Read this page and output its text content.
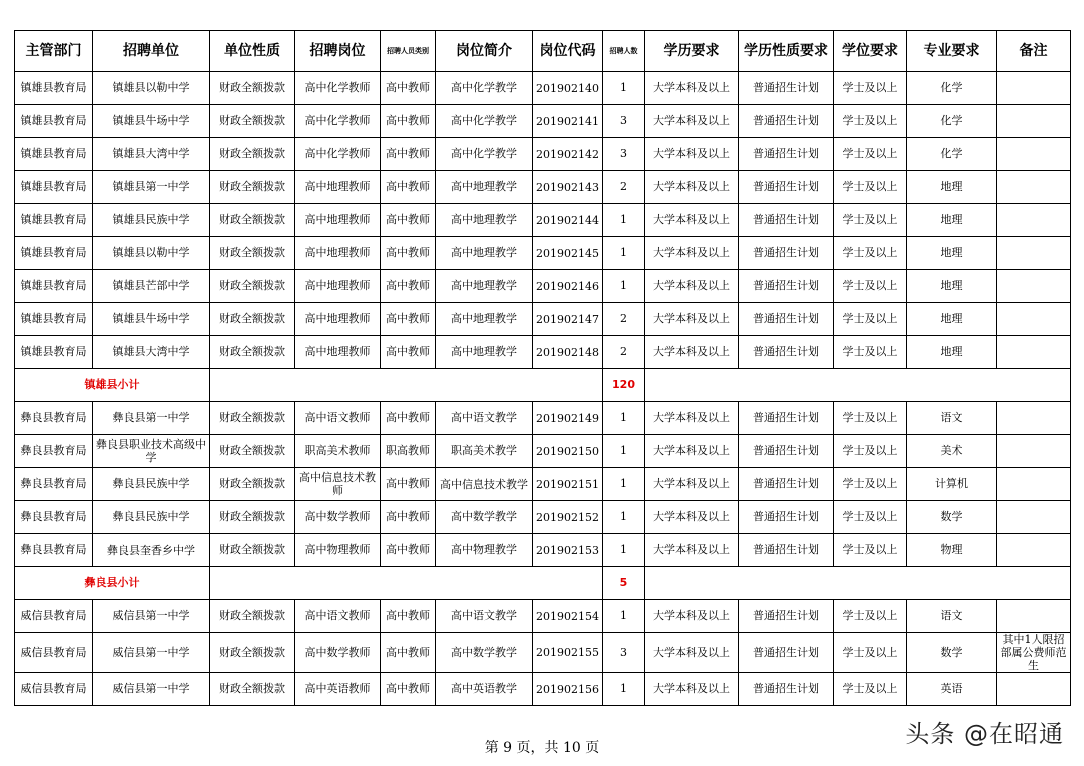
主管部门	招聘单位	单位性质	招聘岗位	招聘人员类别	岗位简介	岗位代码	招聘人数	学历要求	学历性质要求	学位要求	专业要求	备注
镇雄县教育局	镇雄县以勒中学	财政全额拨款	高中化学教师	高中教师	高中化学教学	201902140	1	大学本科及以上	普通招生计划	学士及以上	化学	
镇雄县教育局	镇雄县牛场中学	财政全额拨款	高中化学教师	高中教师	高中化学教学	201902141	3	大学本科及以上	普通招生计划	学士及以上	化学	
镇雄县教育局	镇雄县大湾中学	财政全额拨款	高中化学教师	高中教师	高中化学教学	201902142	3	大学本科及以上	普通招生计划	学士及以上	化学	
镇雄县教育局	镇雄县第一中学	财政全额拨款	高中地理教师	高中教师	高中地理教学	201902143	2	大学本科及以上	普通招生计划	学士及以上	地理	
镇雄县教育局	镇雄县民族中学	财政全额拨款	高中地理教师	高中教师	高中地理教学	201902144	1	大学本科及以上	普通招生计划	学士及以上	地理	
镇雄县教育局	镇雄县以勒中学	财政全额拨款	高中地理教师	高中教师	高中地理教学	201902145	1	大学本科及以上	普通招生计划	学士及以上	地理	
镇雄县教育局	镇雄县芒部中学	财政全额拨款	高中地理教师	高中教师	高中地理教学	201902146	1	大学本科及以上	普通招生计划	学士及以上	地理	
镇雄县教育局	镇雄县牛场中学	财政全额拨款	高中地理教师	高中教师	高中地理教学	201902147	2	大学本科及以上	普通招生计划	学士及以上	地理	
镇雄县教育局	镇雄县大湾中学	财政全额拨款	高中地理教师	高中教师	高中地理教学	201902148	2	大学本科及以上	普通招生计划	学士及以上	地理	
镇雄县小计							120					
彝良县教育局	彝良县第一中学	财政全额拨款	高中语文教师	高中教师	高中语文教学	201902149	1	大学本科及以上	普通招生计划	学士及以上	语文	
彝良县教育局	彝良县职业技术高级中学	财政全额拨款	职高美术教师	职高教师	职高美术教学	201902150	1	大学本科及以上	普通招生计划	学士及以上	美术	
彝良县教育局	彝良县民族中学	财政全额拨款	高中信息技术教师	高中教师	高中信息技术教学	201902151	1	大学本科及以上	普通招生计划	学士及以上	计算机	
彝良县教育局	彝良县民族中学	财政全额拨款	高中数学教师	高中教师	高中数学教学	201902152	1	大学本科及以上	普通招生计划	学士及以上	数学	
彝良县教育局	彝良县奎香乡中学	财政全额拨款	高中物理教师	高中教师	高中物理教学	201902153	1	大学本科及以上	普通招生计划	学士及以上	物理	
彝良县小计							5					
威信县教育局	威信县第一中学	财政全额拨款	高中语文教师	高中教师	高中语文教学	201902154	1	大学本科及以上	普通招生计划	学士及以上	语文	
威信县教育局	威信县第一中学	财政全额拨款	高中数学教师	高中教师	高中数学教学	201902155	3	大学本科及以上	普通招生计划	学士及以上	数学	其中1人限招部属公费师范生
威信县教育局	威信县第一中学	财政全额拨款	高中英语教师	高中教师	高中英语教学	201902156	1	大学本科及以上	普通招生计划	学士及以上	英语	
第 9 页，共 10 页	头条 @在昭通
